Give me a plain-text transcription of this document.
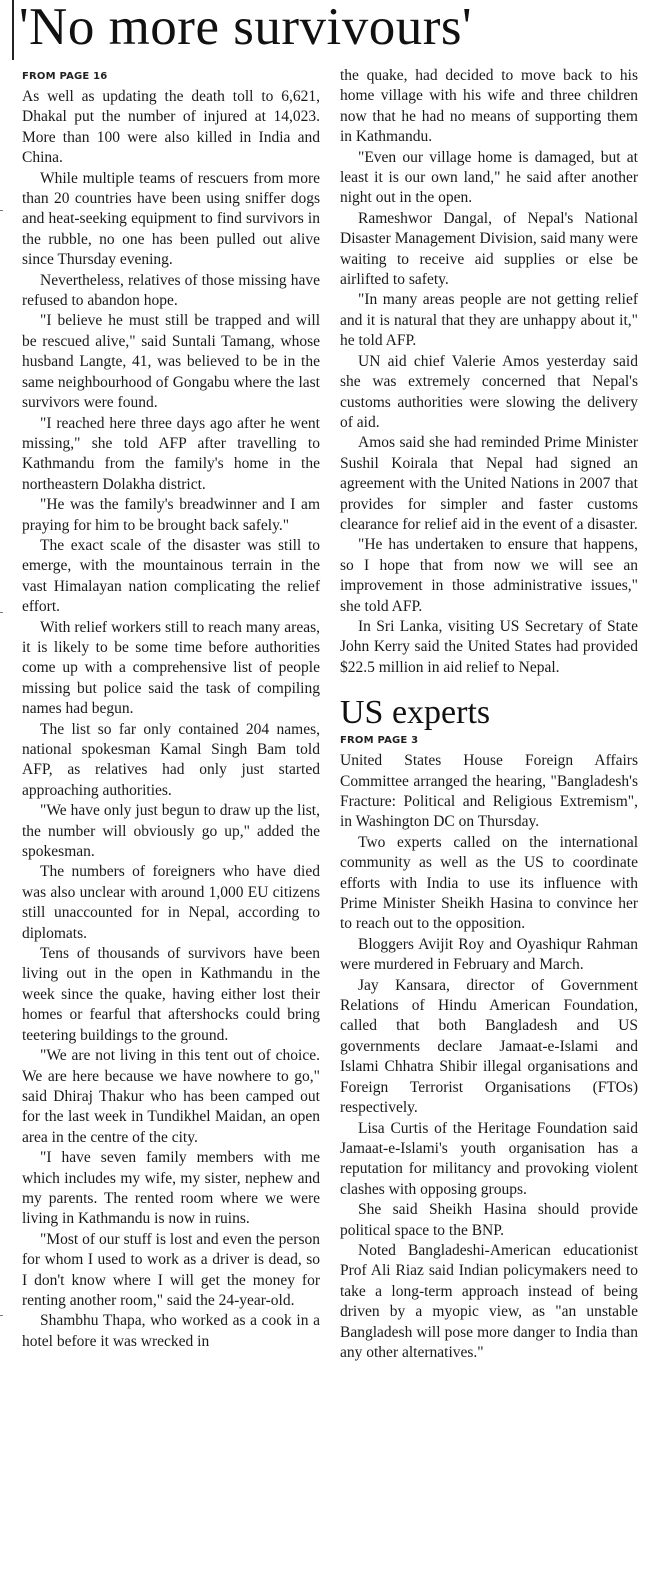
'No more survivours'
FROM PAGE 16

As well as updating the death toll to 6,621, Dhakal put the number of injured at 14,023. More than 100 were also killed in India and China.

While multiple teams of rescuers from more than 20 countries have been using sniffer dogs and heat-seeking equipment to find survivors in the rubble, no one has been pulled out alive since Thursday evening.

Nevertheless, relatives of those missing have refused to abandon hope.

"I believe he must still be trapped and will be rescued alive," said Suntali Tamang, whose husband Langte, 41, was believed to be in the same neighbourhood of Gongabu where the last survivors were found.

"I reached here three days ago after he went missing," she told AFP after travelling to Kathmandu from the family's home in the northeastern Dolakha district.

"He was the family's breadwinner and I am praying for him to be brought back safely."

The exact scale of the disaster was still to emerge, with the mountainous terrain in the vast Himalayan nation complicating the relief effort.

With relief workers still to reach many areas, it is likely to be some time before authorities come up with a comprehensive list of people missing but police said the task of compiling names had begun.

The list so far only contained 204 names, national spokesman Kamal Singh Bam told AFP, as relatives had only just started approaching authorities.

"We have only just begun to draw up the list, the number will obviously go up," added the spokesman.

The numbers of foreigners who have died was also unclear with around 1,000 EU citizens still unaccounted for in Nepal, according to diplomats.

Tens of thousands of survivors have been living out in the open in Kathmandu in the week since the quake, having either lost their homes or fearful that aftershocks could bring teetering buildings to the ground.

"We are not living in this tent out of choice. We are here because we have nowhere to go," said Dhiraj Thakur who has been camped out for the last week in Tundikhel Maidan, an open area in the centre of the city.

"I have seven family members with me which includes my wife, my sister, nephew and my parents. The rented room where we were living in Kathmandu is now in ruins.

"Most of our stuff is lost and even the person for whom I used to work as a driver is dead, so I don't know where I will get the money for renting another room," said the 24-year-old.

Shambhu Thapa, who worked as a cook in a hotel before it was wrecked in

the quake, had decided to move back to his home village with his wife and three children now that he had no means of supporting them in Kathmandu.

"Even our village home is damaged, but at least it is our own land," he said after another night out in the open.

Rameshwor Dangal, of Nepal's National Disaster Management Division, said many were waiting to receive aid supplies or else be airlifted to safety.

"In many areas people are not getting relief and it is natural that they are unhappy about it," he told AFP.

UN aid chief Valerie Amos yesterday said she was extremely concerned that Nepal's customs authorities were slowing the delivery of aid.

Amos said she had reminded Prime Minister Sushil Koirala that Nepal had signed an agreement with the United Nations in 2007 that provides for simpler and faster customs clearance for relief aid in the event of a disaster.

"He has undertaken to ensure that happens, so I hope that from now we will see an improvement in those administrative issues," she told AFP.

In Sri Lanka, visiting US Secretary of State John Kerry said the United States had provided $22.5 million in aid relief to Nepal.

US experts
FROM PAGE 3

United States House Foreign Affairs Committee arranged the hearing, "Bangladesh's Fracture: Political and Religious Extremism", in Washington DC on Thursday.

Two experts called on the international community as well as the US to coordinate efforts with India to use its influence with Prime Minister Sheikh Hasina to convince her to reach out to the opposition.

Bloggers Avijit Roy and Oyashiqur Rahman were murdered in February and March.

Jay Kansara, director of Government Relations of Hindu American Foundation, called that both Bangladesh and US governments declare Jamaat-e-Islami and Islami Chhatra Shibir illegal organisations and Foreign Terrorist Organisations (FTOs) respectively.

Lisa Curtis of the Heritage Foundation said Jamaat-e-Islami's youth organisation has a reputation for militancy and provoking violent clashes with opposing groups.

She said Sheikh Hasina should provide political space to the BNP.

Noted Bangladeshi-American educationist Prof Ali Riaz said Indian policymakers need to take a long-term approach instead of being driven by a myopic view, as "an unstable Bangladesh will pose more danger to India than any other alternatives."
